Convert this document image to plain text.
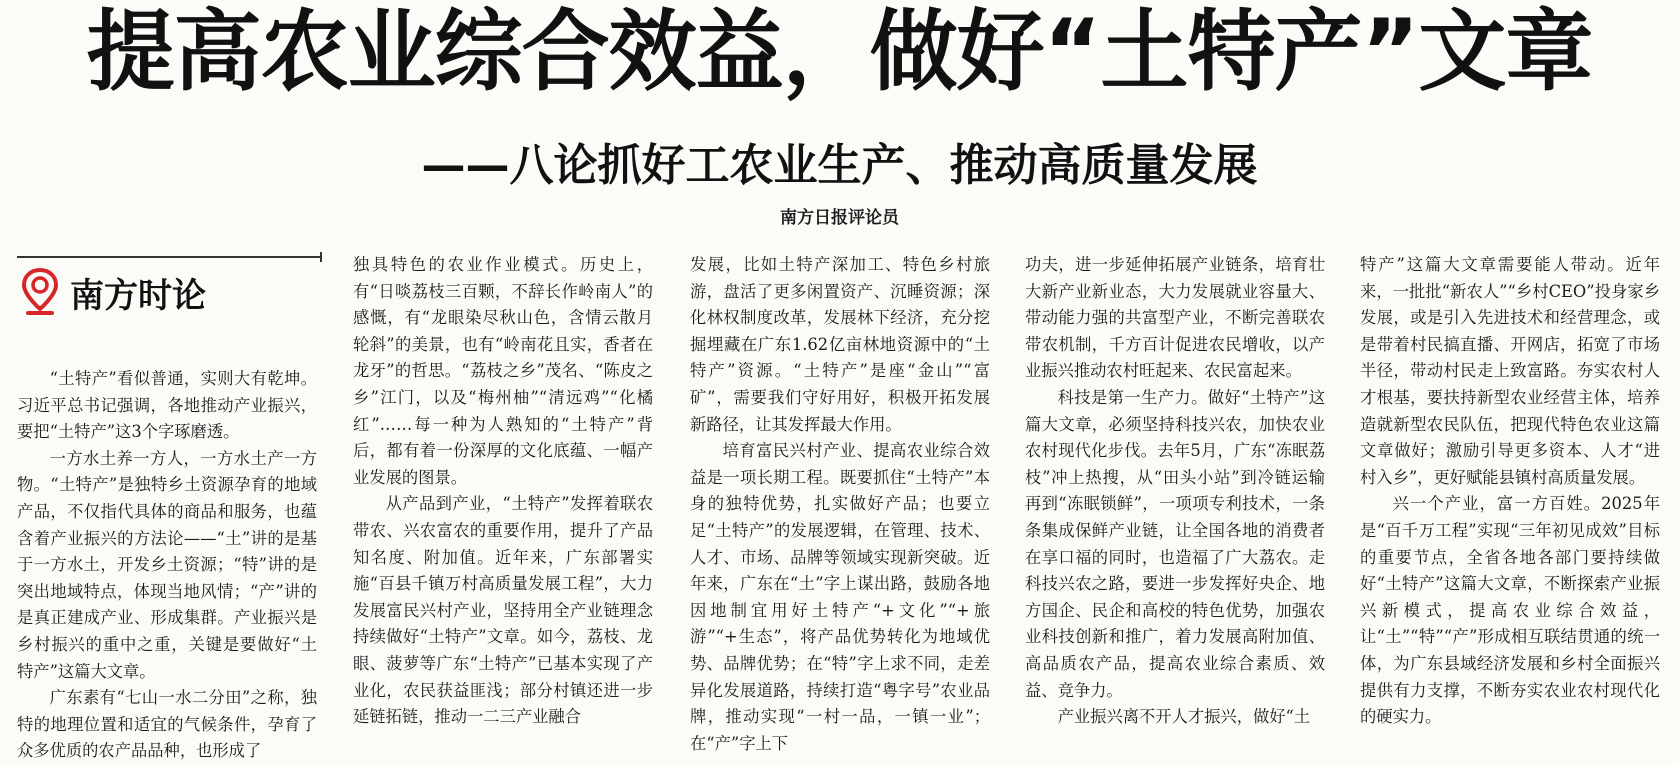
提高农业综合效益，做好“土特产”文章
——八论抓好工农业生产、推动高质量发展
南方日报评论员
南方时论

“土特产”看似普通，实则大有乾坤。习近平总书记强调，各地推动产业振兴，要把“土特产”这3个字琢磨透。

一方水土养一方人，一方水土产一方物。“土特产”是独特乡土资源孕育的地域产品，不仅指代具体的商品和服务，也蕴含着产业振兴的方法论——“土”讲的是基于一方水土，开发乡土资源；“特”讲的是突出地域特点，体现当地风情；“产”讲的是真正建成产业、形成集群。产业振兴是乡村振兴的重中之重，关键是要做好“土特产”这篇大文章。

广东素有“七山一水二分田”之称，独特的地理位置和适宜的气候条件，孕育了众多优质的农产品品种，也形成了

独具特色的农业作业模式。历史上，有“日啖荔枝三百颗，不辞长作岭南人”的感慨，有“龙眼染尽秋山色，含情云散月轮斜”的美景，也有“岭南花且实，香者在龙牙”的哲思。“荔枝之乡”茂名、“陈皮之乡”江门，以及“梅州柚”“清远鸡”“化橘红”……每一种为人熟知的“土特产”背后，都有着一份深厚的文化底蕴、一幅产业发展的图景。

从产品到产业，“土特产”发挥着联农带农、兴农富农的重要作用，提升了产品知名度、附加值。近年来，广东部署实施“百县千镇万村高质量发展工程”，大力发展富民兴村产业，坚持用全产业链理念持续做好“土特产”文章。如今，荔枝、龙眼、菠萝等广东“土特产”已基本实现了产业化，农民获益匪浅；部分村镇还进一步延链拓链，推动一二三产业融合

发展，比如土特产深加工、特色乡村旅游，盘活了更多闲置资产、沉睡资源；深化林权制度改革，发展林下经济，充分挖掘埋藏在广东1.62亿亩林地资源中的“土特产”资源。“土特产”是座“金山”“富矿”，需要我们守好用好，积极开拓发展新路径，让其发挥最大作用。

培育富民兴村产业、提高农业综合效益是一项长期工程。既要抓住“土特产”本身的独特优势，扎实做好产品；也要立足“土特产”的发展逻辑，在管理、技术、人才、市场、品牌等领域实现新突破。近年来，广东在“土”字上谋出路，鼓励各地因地制宜用好土特产“+文化”“+旅游”“+生态”，将产品优势转化为地域优势、品牌优势；在“特”字上求不同，走差异化发展道路，持续打造“粤字号”农业品牌，推动实现“一村一品，一镇一业”；在“产”字上下

功夫，进一步延伸拓展产业链条，培育壮大新产业新业态，大力发展就业容量大、带动能力强的共富型产业，不断完善联农带农机制，千方百计促进农民增收，以产业振兴推动农村旺起来、农民富起来。

科技是第一生产力。做好“土特产”这篇大文章，必须坚持科技兴农，加快农业农村现代化步伐。去年5月，广东“冻眠荔枝”冲上热搜，从“田头小站”到冷链运输再到“冻眠锁鲜”，一项项专利技术，一条条集成保鲜产业链，让全国各地的消费者在享口福的同时，也造福了广大荔农。走科技兴农之路，要进一步发挥好央企、地方国企、民企和高校的特色优势，加强农业科技创新和推广，着力发展高附加值、高品质农产品，提高农业综合素质、效益、竞争力。

产业振兴离不开人才振兴，做好“土

特产”这篇大文章需要能人带动。近年来，一批批“新农人”“乡村CEO”投身家乡发展，或是引入先进技术和经营理念，或是带着村民搞直播、开网店，拓宽了市场半径，带动村民走上致富路。夯实农村人才根基，要扶持新型农业经营主体，培养造就新型农民队伍，把现代特色农业这篇文章做好；激励引导更多资本、人才“进村入乡”，更好赋能县镇村高质量发展。

兴一个产业，富一方百姓。2025年是“百千万工程”实现“三年初见成效”目标的重要节点，全省各地各部门要持续做好“土特产”这篇大文章，不断探索产业振兴新模式，提高农业综合效益，让“土”“特”“产”形成相互联结贯通的统一体，为广东县域经济发展和乡村全面振兴提供有力支撑，不断夯实农业农村现代化的硬实力。
